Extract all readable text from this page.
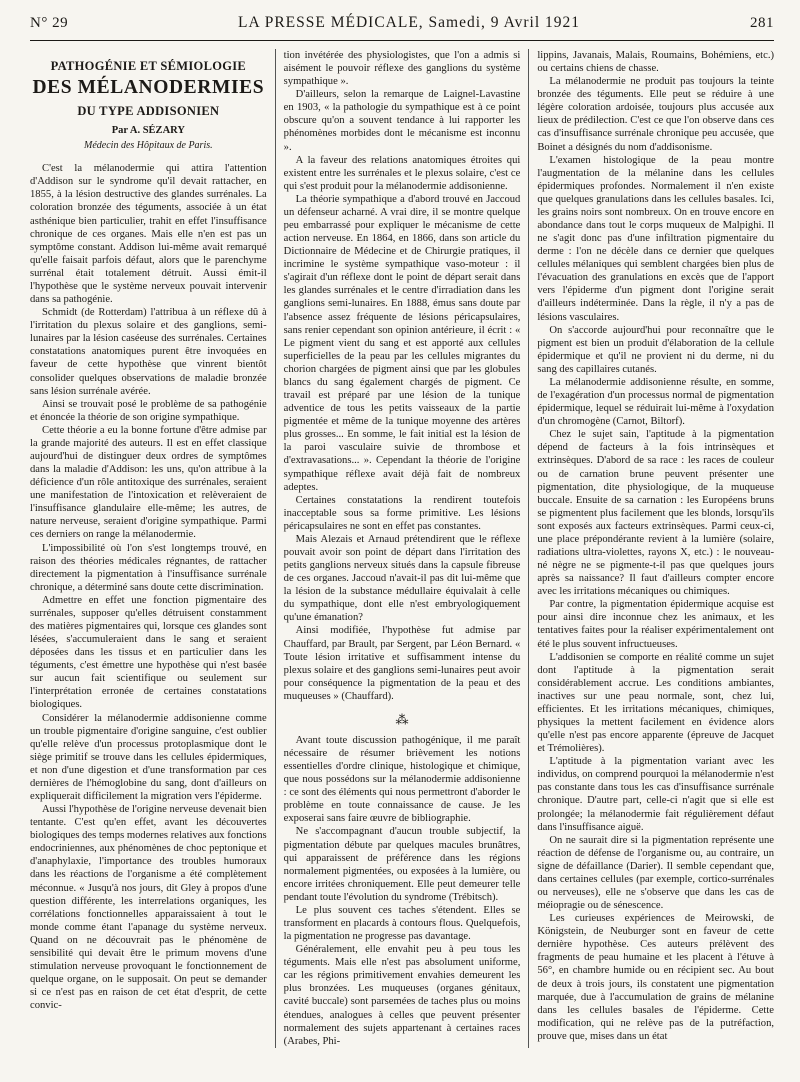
N° 29	LA PRESSE MÉDICALE, Samedi, 9 Avril 1921	281
PATHOGÉNIE ET SÉMIOLOGIE
DES MÉLANODERMIES
DU TYPE ADDISONIEN
Par A. SÉZARY
Médecin des Hôpitaux de Paris.

C'est la mélanodermie qui attira l'attention d'Addison sur le syndrome qu'il devait rattacher, en 1855, à la lésion destructive des glandes surrénales. La coloration bronzée des téguments, associée à un état asthénique bien particulier, trahit en effet l'insuffisance chronique de ces organes. Mais elle n'en est pas un symptôme constant. Addison lui-même avait remarqué qu'elle faisait parfois défaut, alors que le parenchyme surrénal était totalement détruit. Aussi émit-il l'hypothèse que le système nerveux pouvait intervenir dans sa pathogénie.

Schmidt (de Rotterdam) l'attribua à un réflexe dû à l'irritation du plexus solaire et des ganglions, semi-lunaires par la lésion caséeuse des surrénales. Certaines constatations anatomiques purent être invoquées en faveur de cette hypothèse que vinrent bientôt consolider quelques observations de maladie bronzée sans lésion surrénale avérée.

Ainsi se trouvait posé le problème de sa pathogénie et énoncée la théorie de son origine sympathique.

Cette théorie a eu la bonne fortune d'être admise par la grande majorité des auteurs. Il est en effet classique aujourd'hui de distinguer deux ordres de symptômes dans la maladie d'Addison: les uns, qu'on attribue à la déficience d'un rôle antitoxique des surrénales, seraient une manifestation de l'intoxication et relèveraient de l'insuffisance glandulaire elle-même; les autres, de nature nerveuse, seraient d'origine sympathique. Parmi ces derniers on range la mélanodermie.

L'impossibilité où l'on s'est longtemps trouvé, en raison des théories médicales régnantes, de rattacher directement la pigmentation à l'insuffisance surrénale chronique, a déterminé sans doute cette discrimination.

Admettre en effet une fonction pigmentaire des surrénales, supposer qu'elles détruisent constamment des matières pigmentaires qui, lorsque ces glandes sont lésées, s'accumuleraient dans le sang et seraient déposées dans les tissus et en particulier dans les téguments, c'est émettre une hypothèse qui n'est basée sur aucun fait scientifique ou seulement sur l'interprétation erronée de certaines constatations biologiques.

Considérer la mélanodermie addisonienne comme un trouble pigmentaire d'origine sanguine, c'est oublier qu'elle relève d'un processus protoplasmique dont le siège primitif se trouve dans les cellules épidermiques, et non d'une digestion et d'une transformation par ces dernières de l'hémoglobine du sang, dont d'ailleurs on expliquerait difficilement la migration vers l'épiderme.

Aussi l'hypothèse de l'origine nerveuse devenait bien tentante. C'est qu'en effet, avant les découvertes biologiques des temps modernes relatives aux fonctions endocriniennes, aux phénomènes de choc peptonique et d'anaphylaxie, l'importance des troubles humoraux dans les réactions de l'organisme a été complètement méconnue. « Jusqu'à nos jours, dit Gley à propos d'une question différente, les interrelations organiques, les corrélations fonctionnelles apparaissaient à tout le monde comme étant l'apanage du système nerveux. Quand on ne découvrait pas le phénomène de sensibilité qui devait être le primum movens d'une stimulation nerveuse provoquant le fonctionnement de quelque organe, on le supposait. On peut se demander si ce n'est pas en raison de cet état d'esprit, de cette convic-

tion invétérée des physiologistes, que l'on a admis si aisément le pouvoir réflexe des ganglions du système sympathique ».

D'ailleurs, selon la remarque de Laignel-Lavastine en 1903, « la pathologie du sympathique est à ce point obscure qu'on a souvent tendance à lui rapporter les phénomènes morbides dont le mécanisme est inconnu ».

A la faveur des relations anatomiques étroites qui existent entre les surrénales et le plexus solaire, c'est ce qui s'est produit pour la mélanodermie addisonienne.

La théorie sympathique a d'abord trouvé en Jaccoud un défenseur acharné. A vrai dire, il se montre quelque peu embarrassé pour expliquer le mécanisme de cette action nerveuse. En 1864, en 1866, dans son article du Dictionnaire de Médecine et de Chirurgie pratiques, il incrimine le système sympathique vaso-moteur : il s'agirait d'un réflexe dont le point de départ serait dans les glandes surrénales et le centre d'irradiation dans les ganglions semi-lunaires. En 1888, émus sans doute par l'absence assez fréquente de lésions péricapsulaires, sans renier cependant son opinion antérieure, il écrit : « Le pigment vient du sang et est apporté aux cellules superficielles de la peau par les cellules migrantes du chorion chargées de pigment ainsi que par les globules blancs du sang également chargés de pigment. Ce travail est préparé par une lésion de la tunique adventice de tous les petits vaisseaux de la partie pigmentée et même de la tunique moyenne des artères plus grosses... En somme, le fait initial est la lésion de la paroi vasculaire suivie de thrombose et d'extravasations... ». Cependant la théorie de l'origine sympathique réflexe avait déjà fait de nombreux adeptes.

Certaines constatations la rendirent toutefois inacceptable sous sa forme primitive. Les lésions péricapsulaires ne sont en effet pas constantes.

Mais Alezais et Arnaud prétendirent que le réflexe pouvait avoir son point de départ dans l'irritation des petits ganglions nerveux situés dans la capsule fibreuse de ces organes. Jaccoud n'avait-il pas dit lui-même que la lésion de la substance médullaire équivalait à celle du sympathique, dont elle n'est embryologiquement qu'une émanation?

Ainsi modifiée, l'hypothèse fut admise par Chauffard, par Brault, par Sergent, par Léon Bernard. « Toute lésion irritative et suffisamment intense du plexus solaire et des ganglions semi-lunaires peut avoir pour conséquence la pigmentation de la peau et des muqueuses » (Chauffard).

⁂

Avant toute discussion pathogénique, il me paraît nécessaire de résumer brièvement les notions essentielles d'ordre clinique, histologique et chimique, que nous possédons sur la mélanodermie addisonienne : ce sont des éléments qui nous permettront d'aborder le problème en toute connaissance de cause. Je les exposerai sans faire œuvre de bibliographie.

Ne s'accompagnant d'aucun trouble subjectif, la pigmentation débute par quelques macules brunâtres, qui apparaissent de préférence dans les régions normalement pigmentées, ou exposées à la lumière, ou encore irritées chroniquement. Elle peut demeurer telle pendant toute l'évolution du syndrome (Trébitsch).

Le plus souvent ces taches s'étendent. Elles se transforment en placards à contours flous. Quelquefois, la pigmentation ne progresse pas davantage.

Généralement, elle envahit peu à peu tous les téguments. Mais elle n'est pas absolument uniforme, car les régions primitivement envahies demeurent les plus bronzées. Les muqueuses (organes génitaux, cavité buccale) sont parsemées de taches plus ou moins étendues, analogues à celles que peuvent présenter normalement des sujets appartenant à certaines races (Arabes, Phi-

lippins, Javanais, Malais, Roumains, Bohémiens, etc.) ou certains chiens de chasse.

La mélanodermie ne produit pas toujours la teinte bronzée des téguments. Elle peut se réduire à une légère coloration ardoisée, toujours plus accusée aux lieux de prédilection. C'est ce que l'on observe dans ces cas d'insuffisance surrénale chronique peu accusée, que Boinet a désignés du nom d'addisonisme.

L'examen histologique de la peau montre l'augmentation de la mélanine dans les cellules épidermiques profondes. Normalement il n'en existe que quelques granulations dans les cellules basales. Ici, les grains noirs sont nombreux. On en trouve encore en abondance dans tout le corps muqueux de Malpighi. Il ne s'agit donc pas d'une infiltration pigmentaire du derme : l'on ne décèle dans ce dernier que quelques cellules mélaniques qui semblent chargées bien plus de l'évacuation des granulations en excès que de l'apport vers l'épiderme d'un pigment dont l'origine serait d'ailleurs indéterminée. Dans la règle, il n'y a pas de lésions vasculaires.

On s'accorde aujourd'hui pour reconnaître que le pigment est bien un produit d'élaboration de la cellule épidermique et qu'il ne provient ni du derme, ni du sang des capillaires cutanés.

La mélanodermie addisonienne résulte, en somme, de l'exagération d'un processus normal de pigmentation épidermique, lequel se réduirait lui-même à l'oxydation d'un chromogène (Carnot, Biltorf).

Chez le sujet sain, l'aptitude à la pigmentation dépend de facteurs à la fois intrinsèques et extrinsèques. D'abord de sa race : les races de couleur ou de carnation brune peuvent présenter une pigmentation, dite physiologique, de la muqueuse buccale. Ensuite de sa carnation : les Européens bruns se pigmentent plus facilement que les blonds, lorsqu'ils sont exposés aux facteurs extrinsèques. Parmi ceux-ci, une place prépondérante revient à la lumière (solaire, radiations ultra-violettes, rayons X, etc.) : le nouveau-né nègre ne se pigmente-t-il pas que quelques jours après sa naissance? Il faut d'ailleurs compter encore avec les irritations mécaniques ou chimiques.

Par contre, la pigmentation épidermique acquise est pour ainsi dire inconnue chez les animaux, et les tentatives faites pour la réaliser expérimentalement ont été le plus souvent infructueuses.

L'addisonien se comporte en réalité comme un sujet dont l'aptitude à la pigmentation serait considérablement accrue. Les conditions ambiantes, inactives sur une peau normale, sont, chez lui, efficientes. Et les irritations mécaniques, chimiques, physiques la mettent facilement en évidence alors qu'elle n'est pas encore apparente (épreuve de Jacquet et Trémolières).

L'aptitude à la pigmentation variant avec les individus, on comprend pourquoi la mélanodermie n'est pas constante dans tous les cas d'insuffisance surrénale chronique. D'autre part, celle-ci n'agit que si elle est prolongée; la mélanodermie fait régulièrement défaut dans l'insuffisance aiguë.

On ne saurait dire si la pigmentation représente une réaction de défense de l'organisme ou, au contraire, un signe de défaillance (Darier). Il semble cependant que, dans certaines cellules (par exemple, cortico-surrénales ou nerveuses), elle ne s'observe que dans les cas de méiopragie ou de sénescence.

Les curieuses expériences de Meirowski, de Königstein, de Neuburger sont en faveur de cette dernière hypothèse. Ces auteurs prélèvent des fragments de peau humaine et les placent à l'étuve à 56°, en chambre humide ou en récipient sec. Au bout de deux à trois jours, ils constatent une pigmentation marquée, due à l'accumulation de grains de mélanine dans les cellules basales de l'épiderme. Cette modification, qui ne relève pas de la putréfaction, prouve que, mises dans un état
